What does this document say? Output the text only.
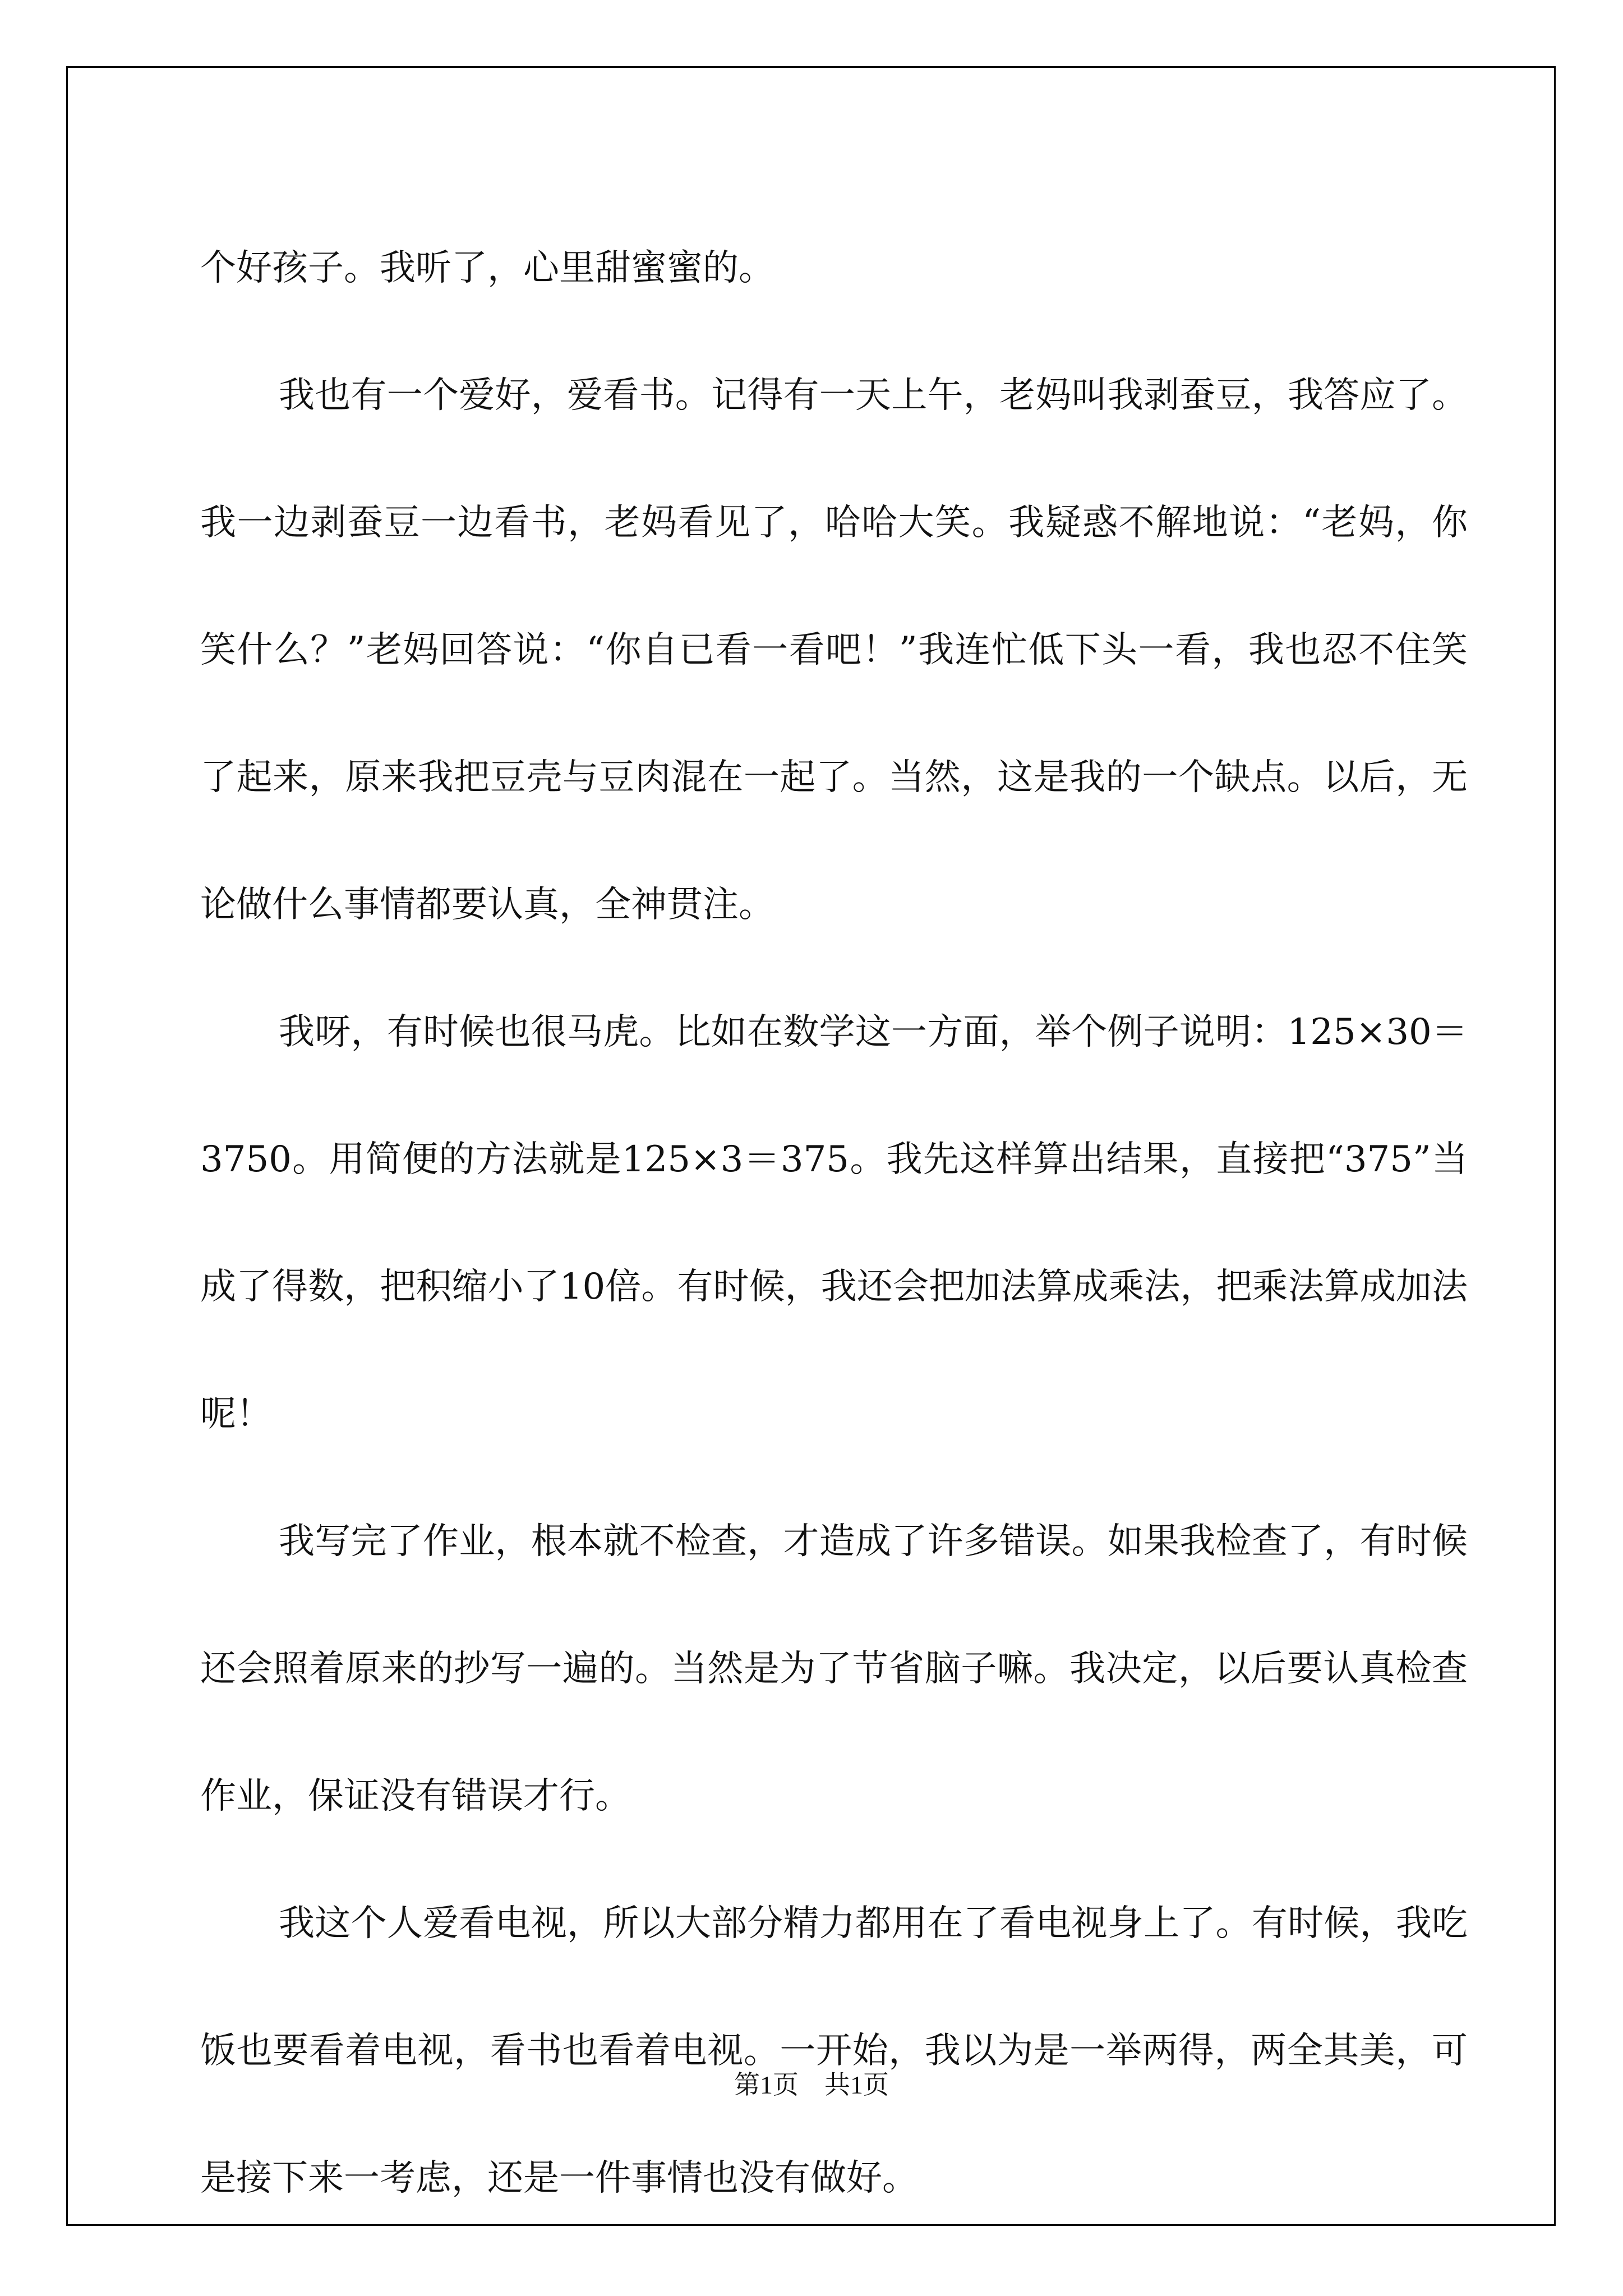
个好孩子。我听了，心里甜蜜蜜的。

我也有一个爱好，爱看书。记得有一天上午，老妈叫我剥蚕豆，我答应了。我一边剥蚕豆一边看书，老妈看见了，哈哈大笑。我疑惑不解地说：“老妈，你笑什么？”老妈回答说：“你自已看一看吧！”我连忙低下头一看，我也忍不住笑了起来，原来我把豆壳与豆肉混在一起了。当然，这是我的一个缺点。以后，无论做什么事情都要认真，全神贯注。

我呀，有时候也很马虎。比如在数学这一方面，举个例子说明：125×30＝3750。用简便的方法就是125×3＝375。我先这样算出结果，直接把“375”当成了得数，把积缩小了10倍。有时候，我还会把加法算成乘法，把乘法算成加法呢！

我写完了作业，根本就不检查，才造成了许多错误。如果我检查了，有时候还会照着原来的抄写一遍的。当然是为了节省脑子嘛。我决定，以后要认真检查作业，保证没有错误才行。

我这个人爱看电视，所以大部分精力都用在了看电视身上了。有时候，我吃饭也要看着电视，看书也看着电视。一开始，我以为是一举两得，两全其美，可是接下来一考虑，还是一件事情也没有做好。

第1页　共1页
